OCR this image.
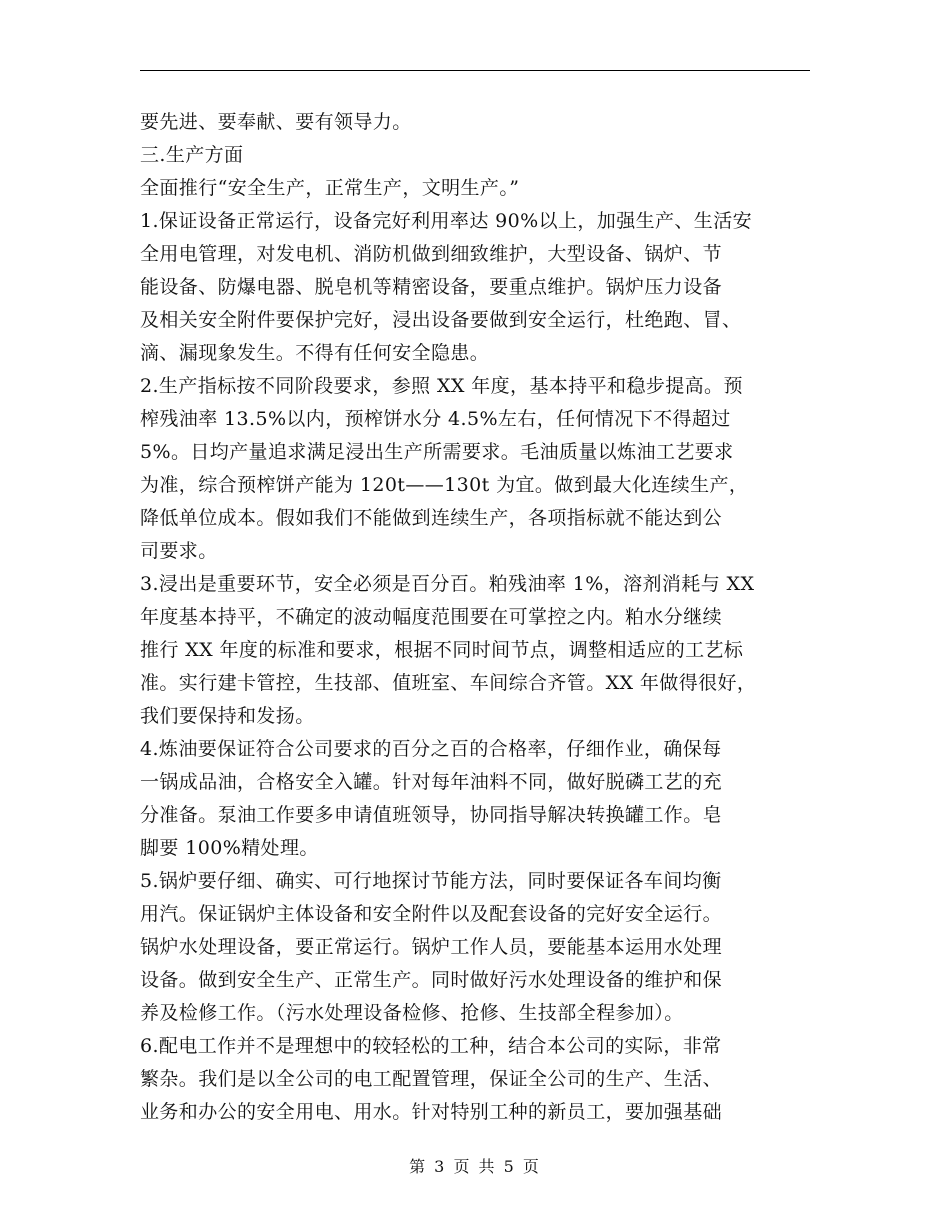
要先进、要奉献、要有领导力。
三.生产方面
全面推行“安全生产，正常生产，文明生产。”
1.保证设备正常运行，设备完好利用率达 90%以上，加强生产、生活安
全用电管理，对发电机、消防机做到细致维护，大型设备、锅炉、节
能设备、防爆电器、脱皂机等精密设备，要重点维护。锅炉压力设备
及相关安全附件要保护完好，浸出设备要做到安全运行，杜绝跑、冒、
滴、漏现象发生。不得有任何安全隐患。
2.生产指标按不同阶段要求，参照 XX 年度，基本持平和稳步提高。预
榨残油率 13.5%以内，预榨饼水分 4.5%左右，任何情况下不得超过
5%。日均产量追求满足浸出生产所需要求。毛油质量以炼油工艺要求
为准，综合预榨饼产能为 120t——130t 为宜。做到最大化连续生产，
降低单位成本。假如我们不能做到连续生产，各项指标就不能达到公
司要求。
3.浸出是重要环节，安全必须是百分百。粕残油率 1%，溶剂消耗与 XX
年度基本持平，不确定的波动幅度范围要在可掌控之内。粕水分继续
推行 XX 年度的标准和要求，根据不同时间节点，调整相适应的工艺标
准。实行建卡管控，生技部、值班室、车间综合齐管。XX 年做得很好，
我们要保持和发扬。
4.炼油要保证符合公司要求的百分之百的合格率，仔细作业，确保每
一锅成品油，合格安全入罐。针对每年油料不同，做好脱磷工艺的充
分准备。泵油工作要多申请值班领导，协同指导解决转换罐工作。皂
脚要 100%精处理。
5.锅炉要仔细、确实、可行地探讨节能方法，同时要保证各车间均衡
用汽。保证锅炉主体设备和安全附件以及配套设备的完好安全运行。
锅炉水处理设备，要正常运行。锅炉工作人员，要能基本运用水处理
设备。做到安全生产、正常生产。同时做好污水处理设备的维护和保
养及检修工作。（污水处理设备检修、抢修、生技部全程参加）。
6.配电工作并不是理想中的较轻松的工种，结合本公司的实际，非常
繁杂。我们是以全公司的电工配置管理，保证全公司的生产、生活、
业务和办公的安全用电、用水。针对特别工种的新员工，要加强基础
第 3 页 共 5 页
